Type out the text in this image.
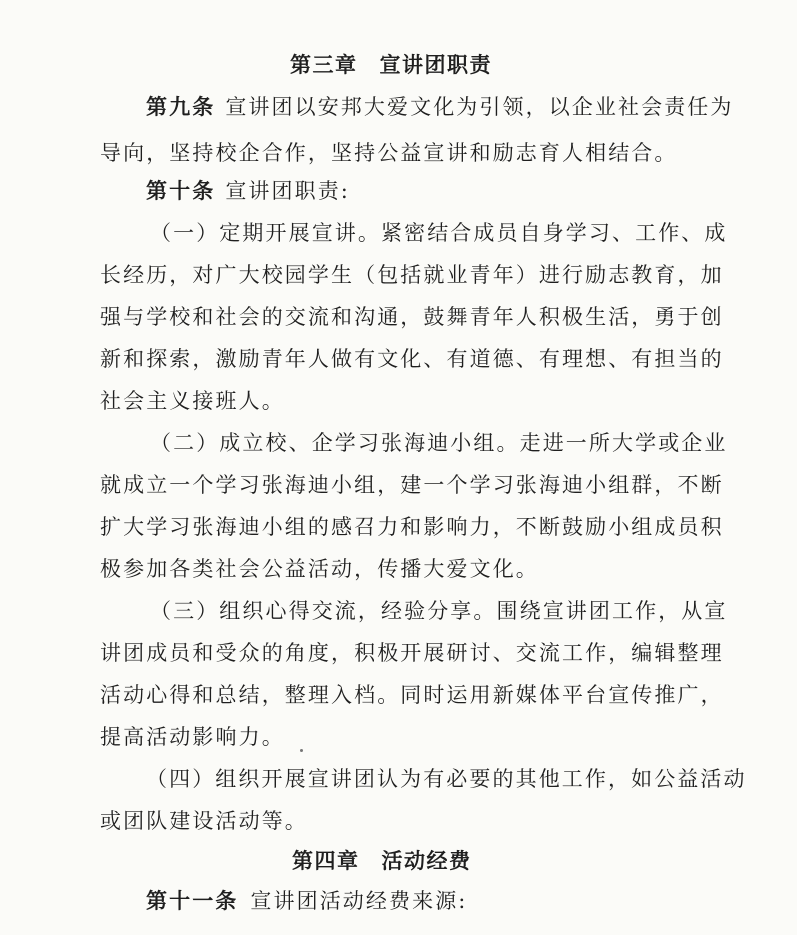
第三章 宣讲团职责
第九条 宣讲团以安邦大爱文化为引领，以企业社会责任为
导向，坚持校企合作，坚持公益宣讲和励志育人相结合。
第十条 宣讲团职责:
（一）定期开展宣讲。紧密结合成员自身学习、工作、成
长经历，对广大校园学生（包括就业青年）进行励志教育，加
强与学校和社会的交流和沟通，鼓舞青年人积极生活，勇于创
新和探索，激励青年人做有文化、有道德、有理想、有担当的
社会主义接班人。
（二）成立校、企学习张海迪小组。走进一所大学或企业
就成立一个学习张海迪小组，建一个学习张海迪小组群，不断
扩大学习张海迪小组的感召力和影响力，不断鼓励小组成员积
极参加各类社会公益活动，传播大爱文化。
（三）组织心得交流，经验分享。围绕宣讲团工作，从宣
讲团成员和受众的角度，积极开展研讨、交流工作，编辑整理
活动心得和总结，整理入档。同时运用新媒体平台宣传推广，
提高活动影响力。
（四）组织开展宣讲团认为有必要的其他工作，如公益活动
或团队建设活动等。
第四章 活动经费
第十一条 宣讲团活动经费来源:
